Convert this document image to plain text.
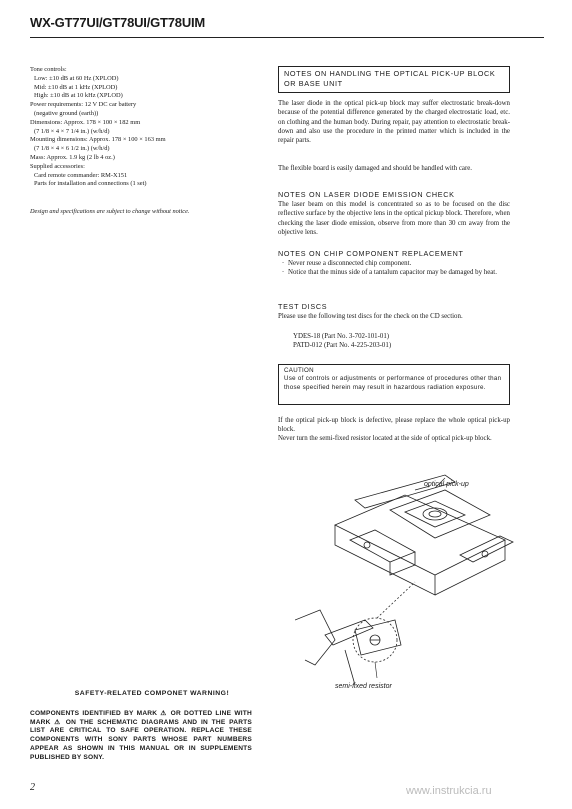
WX-GT77UI/GT78UI/GT78UIM
Tone controls:
Low: ±10 dB at 60 Hz (XPLOD)
Mid: ±10 dB at 1 kHz (XPLOD)
High: ±10 dB at 10 kHz (XPLOD)
Power requirements: 12 V DC car battery
(negative ground (earth))
Dimensions: Approx. 178 × 100 × 182 mm
(7 1/8 × 4 × 7 1/4 in.) (w/h/d)
Mounting dimensions: Approx. 178 × 100 × 163 mm
(7 1/8 × 4 × 6 1/2 in.) (w/h/d)
Mass: Approx. 1.9 kg (2 lb 4 oz.)
Supplied accessories:
Card remote commander: RM-X151
Parts for installation and connections (1 set)
Design and specifications are subject to change without notice.
NOTES ON HANDLING THE OPTICAL PICK-UP BLOCK OR BASE UNIT
The laser diode in the optical pick-up block may suffer electrostatic break-down because of the potential difference generated by the charged electrostatic load, etc. on clothing and the human body. During repair, pay attention to electrostatic break-down and also use the procedure in the printed matter which is included in the repair parts.
The flexible board is easily damaged and should be handled with care.
NOTES ON LASER DIODE EMISSION CHECK
The laser beam on this model is concentrated so as to be focused on the disc reflective surface by the objective lens in the optical pickup block. Therefore, when checking the laser diode emission, observe from more than 30 cm away from the objective lens.
NOTES ON CHIP COMPONENT REPLACEMENT
· Never reuse a disconnected chip component.
· Notice that the minus side of a tantalum capacitor may be damaged by heat.
TEST DISCS
Please use the following test discs for the check on the CD section.
YDES-18 (Part No. 3-702-101-01)
PATD-012 (Part No. 4-225-203-01)
CAUTION
Use of controls or adjustments or performance of procedures other than those specified herein may result in hazardous radiation exposure.
If the optical pick-up block is defective, please replace the whole optical pick-up block.
Never turn the semi-fixed resistor located at the side of optical pick-up block.
optical pick-up
semi-fixed resistor
SAFETY-RELATED COMPONET WARNING!
COMPONENTS IDENTIFIED BY MARK ⚠ OR DOTTED LINE WITH MARK ⚠ ON THE SCHEMATIC DIAGRAMS AND IN THE PARTS LIST ARE CRITICAL TO SAFE OPERATION. REPLACE THESE COMPONENTS WITH SONY PARTS WHOSE PART NUMBERS APPEAR AS SHOWN IN THIS MANUAL OR IN SUPPLEMENTS PUBLISHED BY SONY.
2	www.instrukcia.ru
